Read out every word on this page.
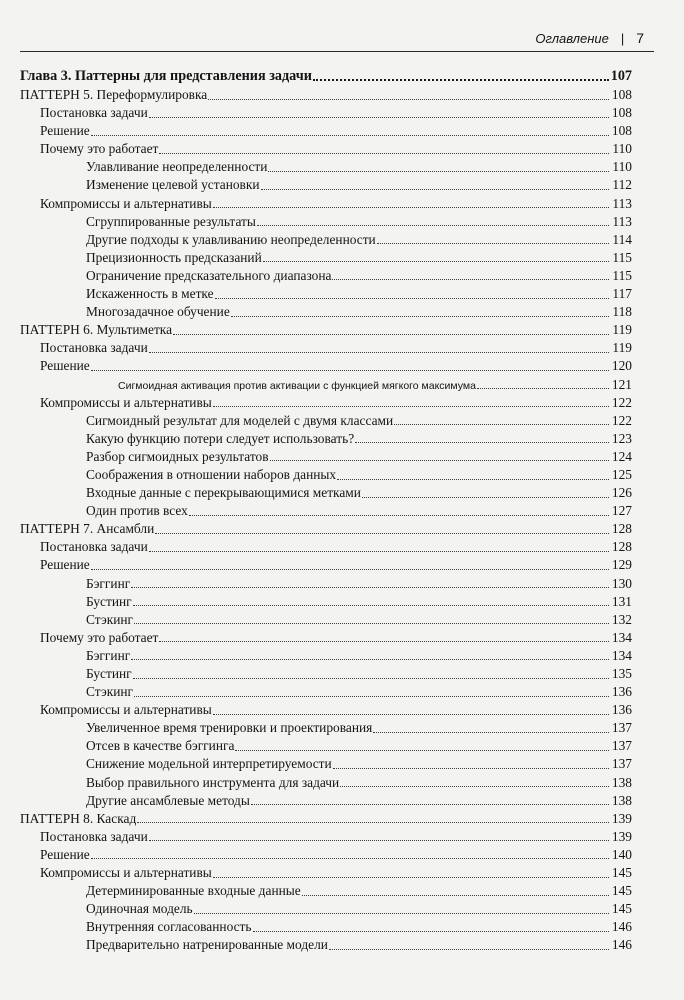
Оглавление | 7
Глава 3. Паттерны для представления задачи	107
ПАТТЕРН 5. Переформулировка	108
Постановка задачи	108
Решение	108
Почему это работает	110
Улавливание неопределенности	110
Изменение целевой установки	112
Компромиссы и альтернативы	113
Сгруппированные результаты	113
Другие подходы к улавливанию неопределенности	114
Прецизионность предсказаний	115
Ограничение предсказательного диапазона	115
Искаженность в метке	117
Многозадачное обучение	118
ПАТТЕРН 6. Мультиметка	119
Постановка задачи	119
Решение	120
Сигмоидная активация против активации с функцией мягкого максимума	121
Компромиссы и альтернативы	122
Сигмоидный результат для моделей с двумя классами	122
Какую функцию потери следует использовать?	123
Разбор сигмоидных результатов	124
Соображения в отношении наборов данных	125
Входные данные с перекрывающимися метками	126
Один против всех	127
ПАТТЕРН 7. Ансамбли	128
Постановка задачи	128
Решение	129
Бэггинг	130
Бустинг	131
Стэкинг	132
Почему это работает	134
Бэггинг	134
Бустинг	135
Стэкинг	136
Компромиссы и альтернативы	136
Увеличенное время тренировки и проектирования	137
Отсев в качестве бэггинга	137
Снижение модельной интерпретируемости	137
Выбор правильного инструмента для задачи	138
Другие ансамблевые методы	138
ПАТТЕРН 8. Каскад	139
Постановка задачи	139
Решение	140
Компромиссы и альтернативы	145
Детерминированные входные данные	145
Одиночная модель	145
Внутренняя согласованность	146
Предварительно натренированные модели	146
